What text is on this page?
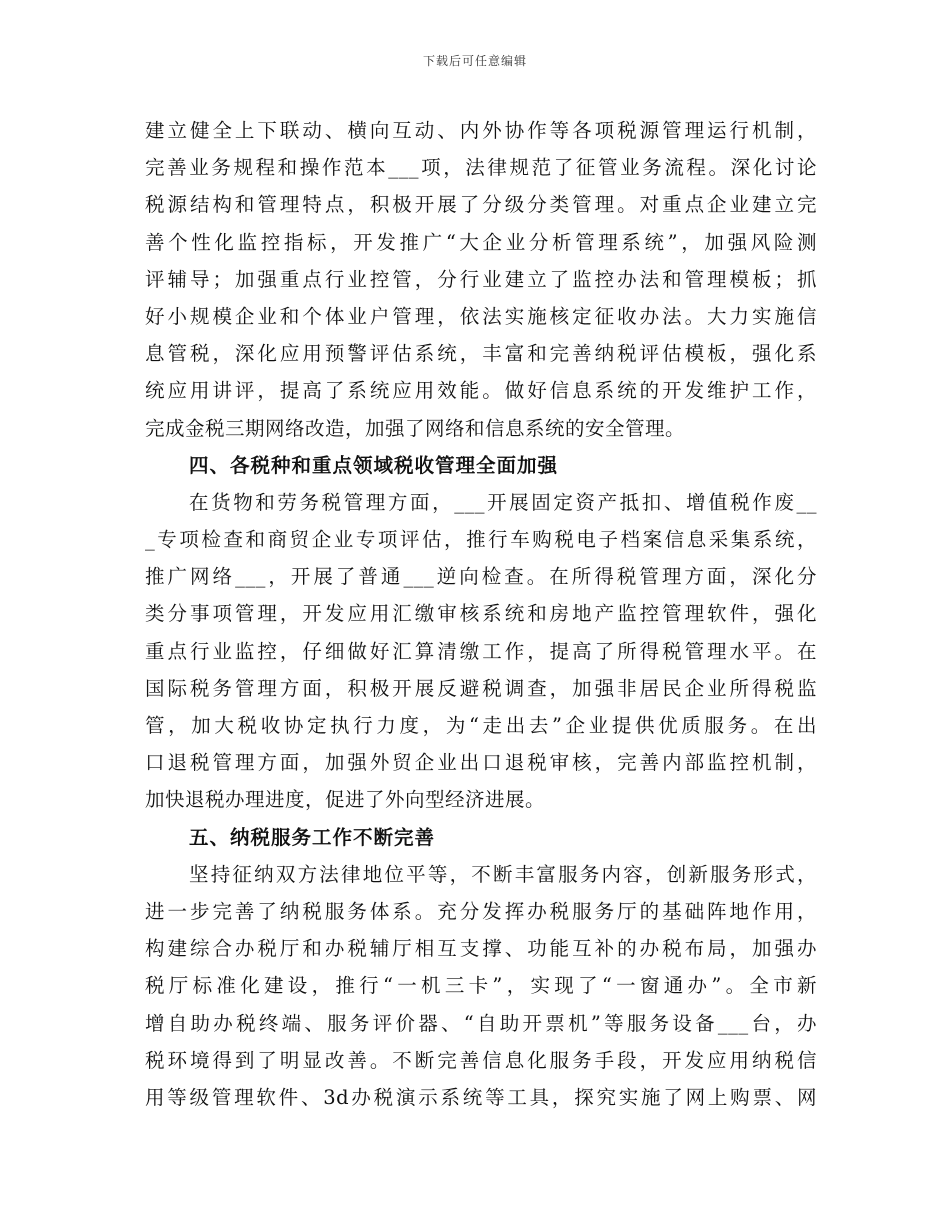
下载后可任意编辑
建立健全上下联动、横向互动、内外协作等各项税源管理运行机制，
完善业务规程和操作范本___项，法律规范了征管业务流程。深化讨论
税源结构和管理特点，积极开展了分级分类管理。对重点企业建立完
善个性化监控指标，开发推广“大企业分析管理系统”，加强风险测
评辅导；加强重点行业控管，分行业建立了监控办法和管理模板；抓
好小规模企业和个体业户管理，依法实施核定征收办法。大力实施信
息管税，深化应用预警评估系统，丰富和完善纳税评估模板，强化系
统应用讲评，提高了系统应用效能。做好信息系统的开发维护工作，
完成金税三期网络改造，加强了网络和信息系统的安全管理。
四、各税种和重点领域税收管理全面加强
在货物和劳务税管理方面，___开展固定资产抵扣、增值税作废__
_专项检查和商贸企业专项评估，推行车购税电子档案信息采集系统，
推广网络___，开展了普通___逆向检查。在所得税管理方面，深化分
类分事项管理，开发应用汇缴审核系统和房地产监控管理软件，强化
重点行业监控，仔细做好汇算清缴工作，提高了所得税管理水平。在
国际税务管理方面，积极开展反避税调查，加强非居民企业所得税监
管，加大税收协定执行力度，为“走出去”企业提供优质服务。在出
口退税管理方面，加强外贸企业出口退税审核，完善内部监控机制，
加快退税办理进度，促进了外向型经济进展。
五、纳税服务工作不断完善
坚持征纳双方法律地位平等，不断丰富服务内容，创新服务形式，
进一步完善了纳税服务体系。充分发挥办税服务厅的基础阵地作用，
构建综合办税厅和办税辅厅相互支撑、功能互补的办税布局，加强办
税厅标准化建设，推行“一机三卡”，实现了“一窗通办”。全市新
增自助办税终端、服务评价器、“自助开票机”等服务设备___台，办
税环境得到了明显改善。不断完善信息化服务手段，开发应用纳税信
用等级管理软件、3d办税演示系统等工具，探究实施了网上购票、网
